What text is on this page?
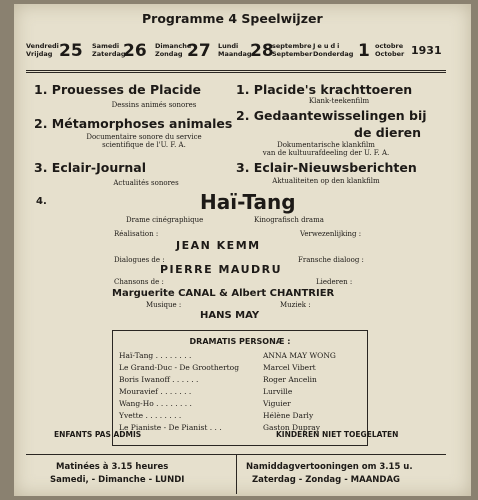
Programme 4 Speelwijzer
Vendredi
Vrijdag 25 Samedi
Zaterdag
26 Dimanche
Zondag 27 Lundi
Maandag
28
septembre
September
Jeudi
Donderdag 1 octobre
October 1931
1. Prouesses de Placide
Dessins animés sonores
2. Métamorphoses animales
Documentaire sonore du service
scientifique de l'U. F. A.
3. Eclair-Journal
Actualités sonores
1. Placide's krachttoeren
Klank-teekenfilm
2. Gedaantewisselingen bij
de dieren
Dokumentarische klankfilm
van de kultuurafdeeling der U. F. A.
3. Eclair-Nieuwsberichten
Aktualiteiten op den klankfilm
4.	Haï-Tang
Drame cinégraphique	Kinografisch drama
Réalisation :	Verwezenlijking :
JEAN KEMM
Dialogues de :	Fransche dialoog :
PIERRE MAUDRU
Chansons de :	Liederen :
Marguerite CANAL & Albert CHANTRIER
Musique :	Muziek :
HANS MAY
DRAMATIS PERSONÆ :
Haï-Tang . . . . . . . .	ANNA MAY WONG
Le Grand-Duc - De Groothertog	Marcel Vibert
Boris Iwanoff . . . . . .	Roger Ancelin
Mouravief . . . . . . .	Lurville
Wang-Ho . . . . . . . .	Viguier
Yvette . . . . . . . .	Hélène Darly
Le Pianiste - De Pianist . . .	Gaston Dupray
ENFANTS PAS ADMIS	KINDEREN NIET TOEGELATEN
Matinées à 3.15 heures
Samedi, - Dimanche - LUNDI
Namiddagvertooningen om 3.15 u.
Zaterdag - Zondag - MAANDAG
